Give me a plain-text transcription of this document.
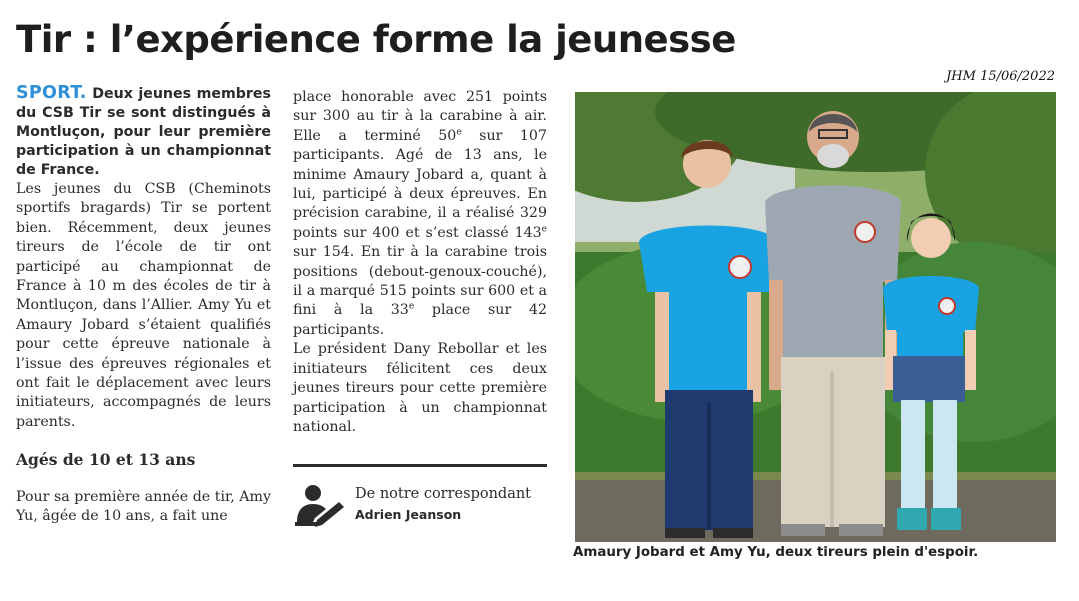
Tir : l’expérience forme la jeunesse
JHM 15/06/2022

SPORT. Deux jeunes membres du CSB Tir se sont distingués à Montluçon, pour leur première participation à un championnat de France.

Les jeunes du CSB (Cheminots sportifs bragards) Tir se portent bien. Récemment, deux jeunes tireurs de l’école de tir ont participé au championnat de France à 10 m des écoles de tir à Montluçon, dans l’Allier. Amy Yu et Amaury Jobard s’étaient qualifiés pour cette épreuve nationale à l’issue des épreuves régionales et ont fait le déplacement avec leurs initiateurs, accompagnés de leurs parents.

Agés de 10 et 13 ans

Pour sa première année de tir, Amy Yu, âgée de 10 ans, a fait une

place honorable avec 251 points sur 300 au tir à la carabine à air. Elle a terminé 50e sur 107 participants. Agé de 13 ans, le minime Amaury Jobard a, quant à lui, participé à deux épreuves. En précision carabine, il a réalisé 329 points sur 400 et s’est classé 143e sur 154. En tir à la carabine trois positions (debout-genoux-couché), il a marqué 515 points sur 600 et a fini à la 33e place sur 42 participants.

Le président Dany Rebollar et les initiateurs félicitent ces deux jeunes tireurs pour cette première participation à un championnat national.

De notre correspondant
Adrien Jeanson
Amaury Jobard et Amy Yu, deux tireurs plein d'espoir.
